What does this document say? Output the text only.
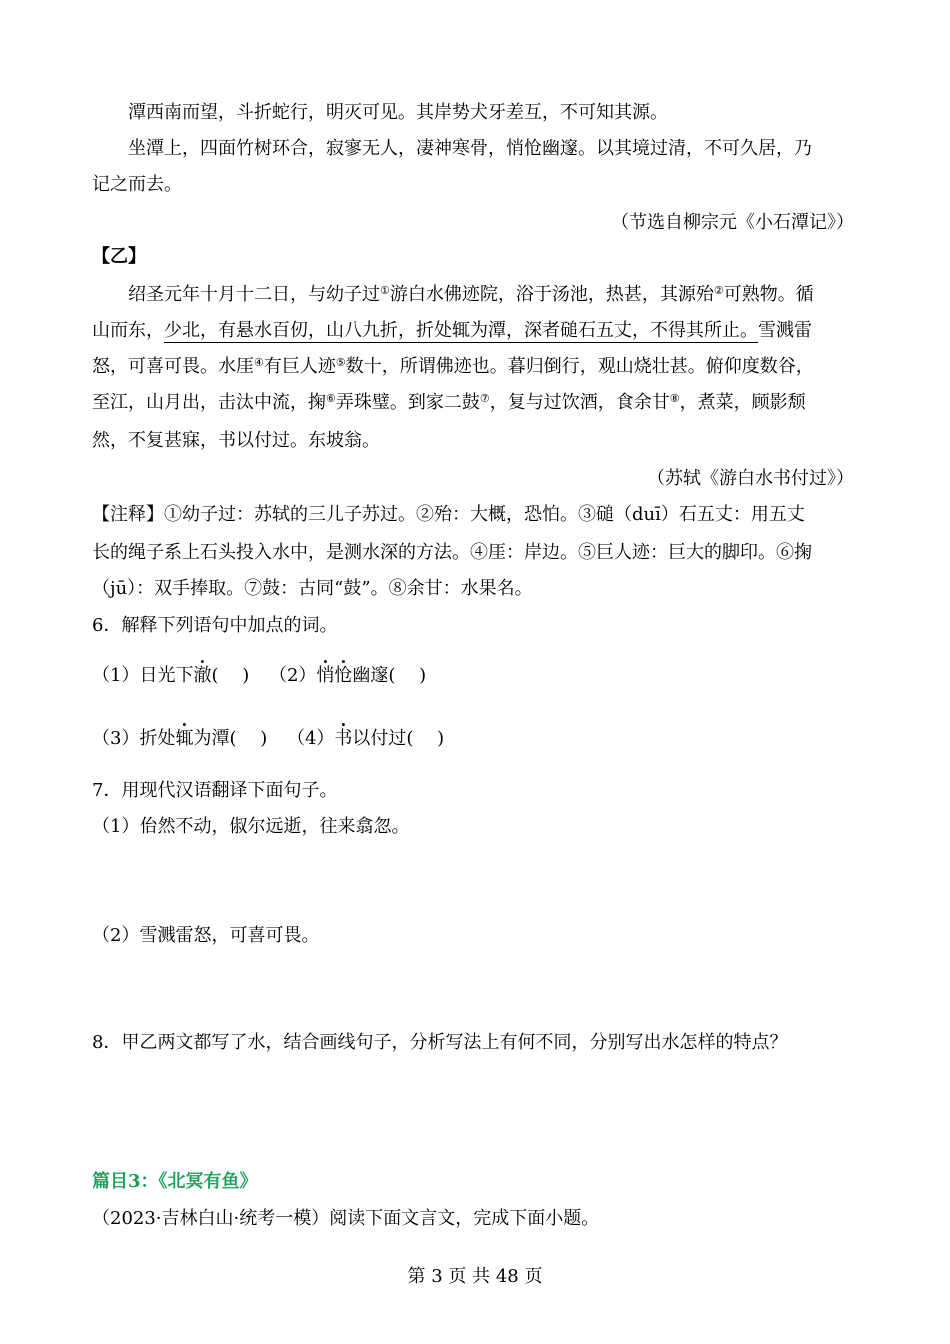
潭西南而望，斗折蛇行，明灭可见。其岸势犬牙差互，不可知其源。
坐潭上，四面竹树环合，寂寥无人，凄神寒骨，悄怆幽邃。以其境过清，不可久居，乃
记之而去。
（节选自柳宗元《小石潭记》）
【乙】
绍圣元年十月十二日，与幼子过①游白水佛迹院，浴于汤池，热甚，其源殆②可熟物。循
山而东，少北，有悬水百仞，山八九折，折处辄为潭，深者磓石五丈，不得其所止。雪溅雷
怒，可喜可畏。水厓④有巨人迹⑤数十，所谓佛迹也。暮归倒行，观山烧壮甚。俯仰度数谷，
至江，山月出，击汰中流，掬⑥弄珠璧。到家二鼓⑦，复与过饮酒，食余甘⑧，煮菜，顾影颓
然，不复甚寐，书以付过。东坡翁。
（苏轼《游白水书付过》）
【注释】①幼子过：苏轼的三儿子苏过。②殆：大概，恐怕。③磓（duī）石五丈：用五丈
长的绳子系上石头投入水中，是测水深的方法。④厓：岸边。⑤巨人迹：巨大的脚印。⑥掬
（jū）：双手捧取。⑦鼓：古同“鼓”。⑧余甘：水果名。
6．解释下列语句中加点的词。
（1）日光下澈(　 ) （2）悄怆幽邃(　 )
（3）折处辄为潭(　 ) （4）书以付过(　 )
7．用现代汉语翻译下面句子。
（1）佁然不动，俶尔远逝，往来翕忽。
（2）雪溅雷怒，可喜可畏。
8．甲乙两文都写了水，结合画线句子，分析写法上有何不同，分别写出水怎样的特点？
篇目3：《北冥有鱼》
（2023·吉林白山·统考一模）阅读下面文言文，完成下面小题。
第 3 页 共 48 页
